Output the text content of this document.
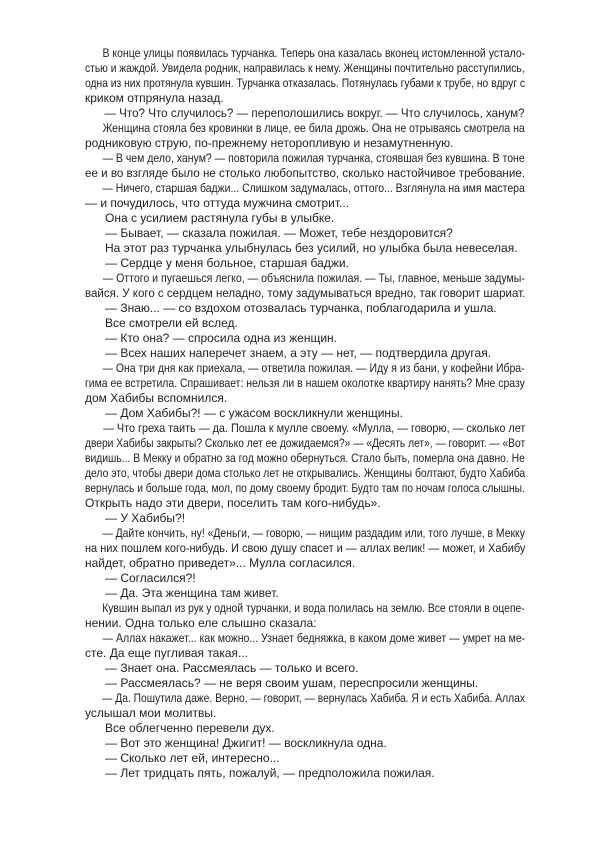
В конце улицы появилась турчанка. Теперь она казалась вконец истомленной устало-
стью и жаждой. Увидела родник, направилась к нему. Женщины почтительно расступились,
одна из них протянула кувшин. Турчанка отказалась. Потянулась губами к трубе, но вдруг с
криком отпрянула назад.
— Что? Что случилось? — переполошились вокруг. — Что случилось, ханум?
Женщина стояла без кровинки в лице, ее била дрожь. Она не отрываясь смотрела на
родниковую струю, по-прежнему неторопливую и незамутненную.
— В чем дело, ханум? — повторила пожилая турчанка, стоявшая без кувшина. В тоне
ее и во взгляде было не столько любопытство, сколько настойчивое требование.
— Ничего, старшая баджи... Слишком задумалась, оттого... Взглянула на имя мастера
— и почудилось, что оттуда мужчина смотрит...
Она с усилием растянула губы в улыбке.
— Бывает, — сказала пожилая. — Может, тебе нездоровится?
На этот раз турчанка улыбнулась без усилий, но улыбка была невеселая.
— Сердце у меня больное, старшая баджи.
— Оттого и пугаешься легко, — объяснила пожилая. — Ты, главное, меньше задумы-
вайся. У кого с сердцем неладно, тому задумываться вредно, так говорит шариат.
— Знаю... — со вздохом отозвалась турчанка, поблагодарила и ушла.
Все смотрели ей вслед.
— Кто она? — спросила одна из женщин.
— Всех наших наперечет знаем, а эту — нет, — подтвердила другая.
— Она три дня как приехала, — ответила пожилая. — Иду я из бани, у кофейни Ибра-
гима ее встретила. Спрашивает: нельзя ли в нашем околотке квартиру нанять? Мне сразу
дом Хабибы вспомнился.
— Дом Хабибы?! — с ужасом воскликнули женщины.
— Что греха таить — да. Пошла к мулле своему. «Мулла, — говорю, — сколько лет
двери Хабибы закрыты? Сколько лет ее дожидаемся?» — «Десять лет», — говорит. — «Вот
видишь... В Мекку и обратно за год можно обернуться. Стало быть, померла она давно. Не
дело это, чтобы двери дома столько лет не открывались. Женщины болтают, будто Хабиба
вернулась и больше года, мол, по дому своему бродит. Будто там по ночам голоса слышны.
Открыть надо эти двери, поселить там кого-нибудь».
— У Хабибы?!
— Дайте кончить, ну! «Деньги, — говорю, — нищим раздадим или, того лучше, в Мекку
на них пошлем кого-нибудь. И свою душу спасет и — аллах велик! — может, и Хабибу
найдет, обратно приведет»... Мулла согласился.
— Согласился?!
— Да. Эта женщина там живет.
Кувшин выпал из рук у одной турчанки, и вода полилась на землю. Все стояли в оцепе-
нении. Одна только еле слышно сказала:
— Аллах накажет... как можно... Узнает бедняжка, в каком доме живет — умрет на ме-
сте. Да еще пугливая такая...
— Знает она. Рассмеялась — только и всего.
— Рассмеялась? — не веря своим ушам, переспросили женщины.
— Да. Пошутила даже. Верно, — говорит, — вернулась Хабиба. Я и есть Хабиба. Аллах
услышал мои молитвы.
Все облегченно перевели дух.
— Вот это женщина! Джигит! — воскликнула одна.
— Сколько лет ей, интересно...
— Лет тридцать пять, пожалуй, — предположила пожилая.
